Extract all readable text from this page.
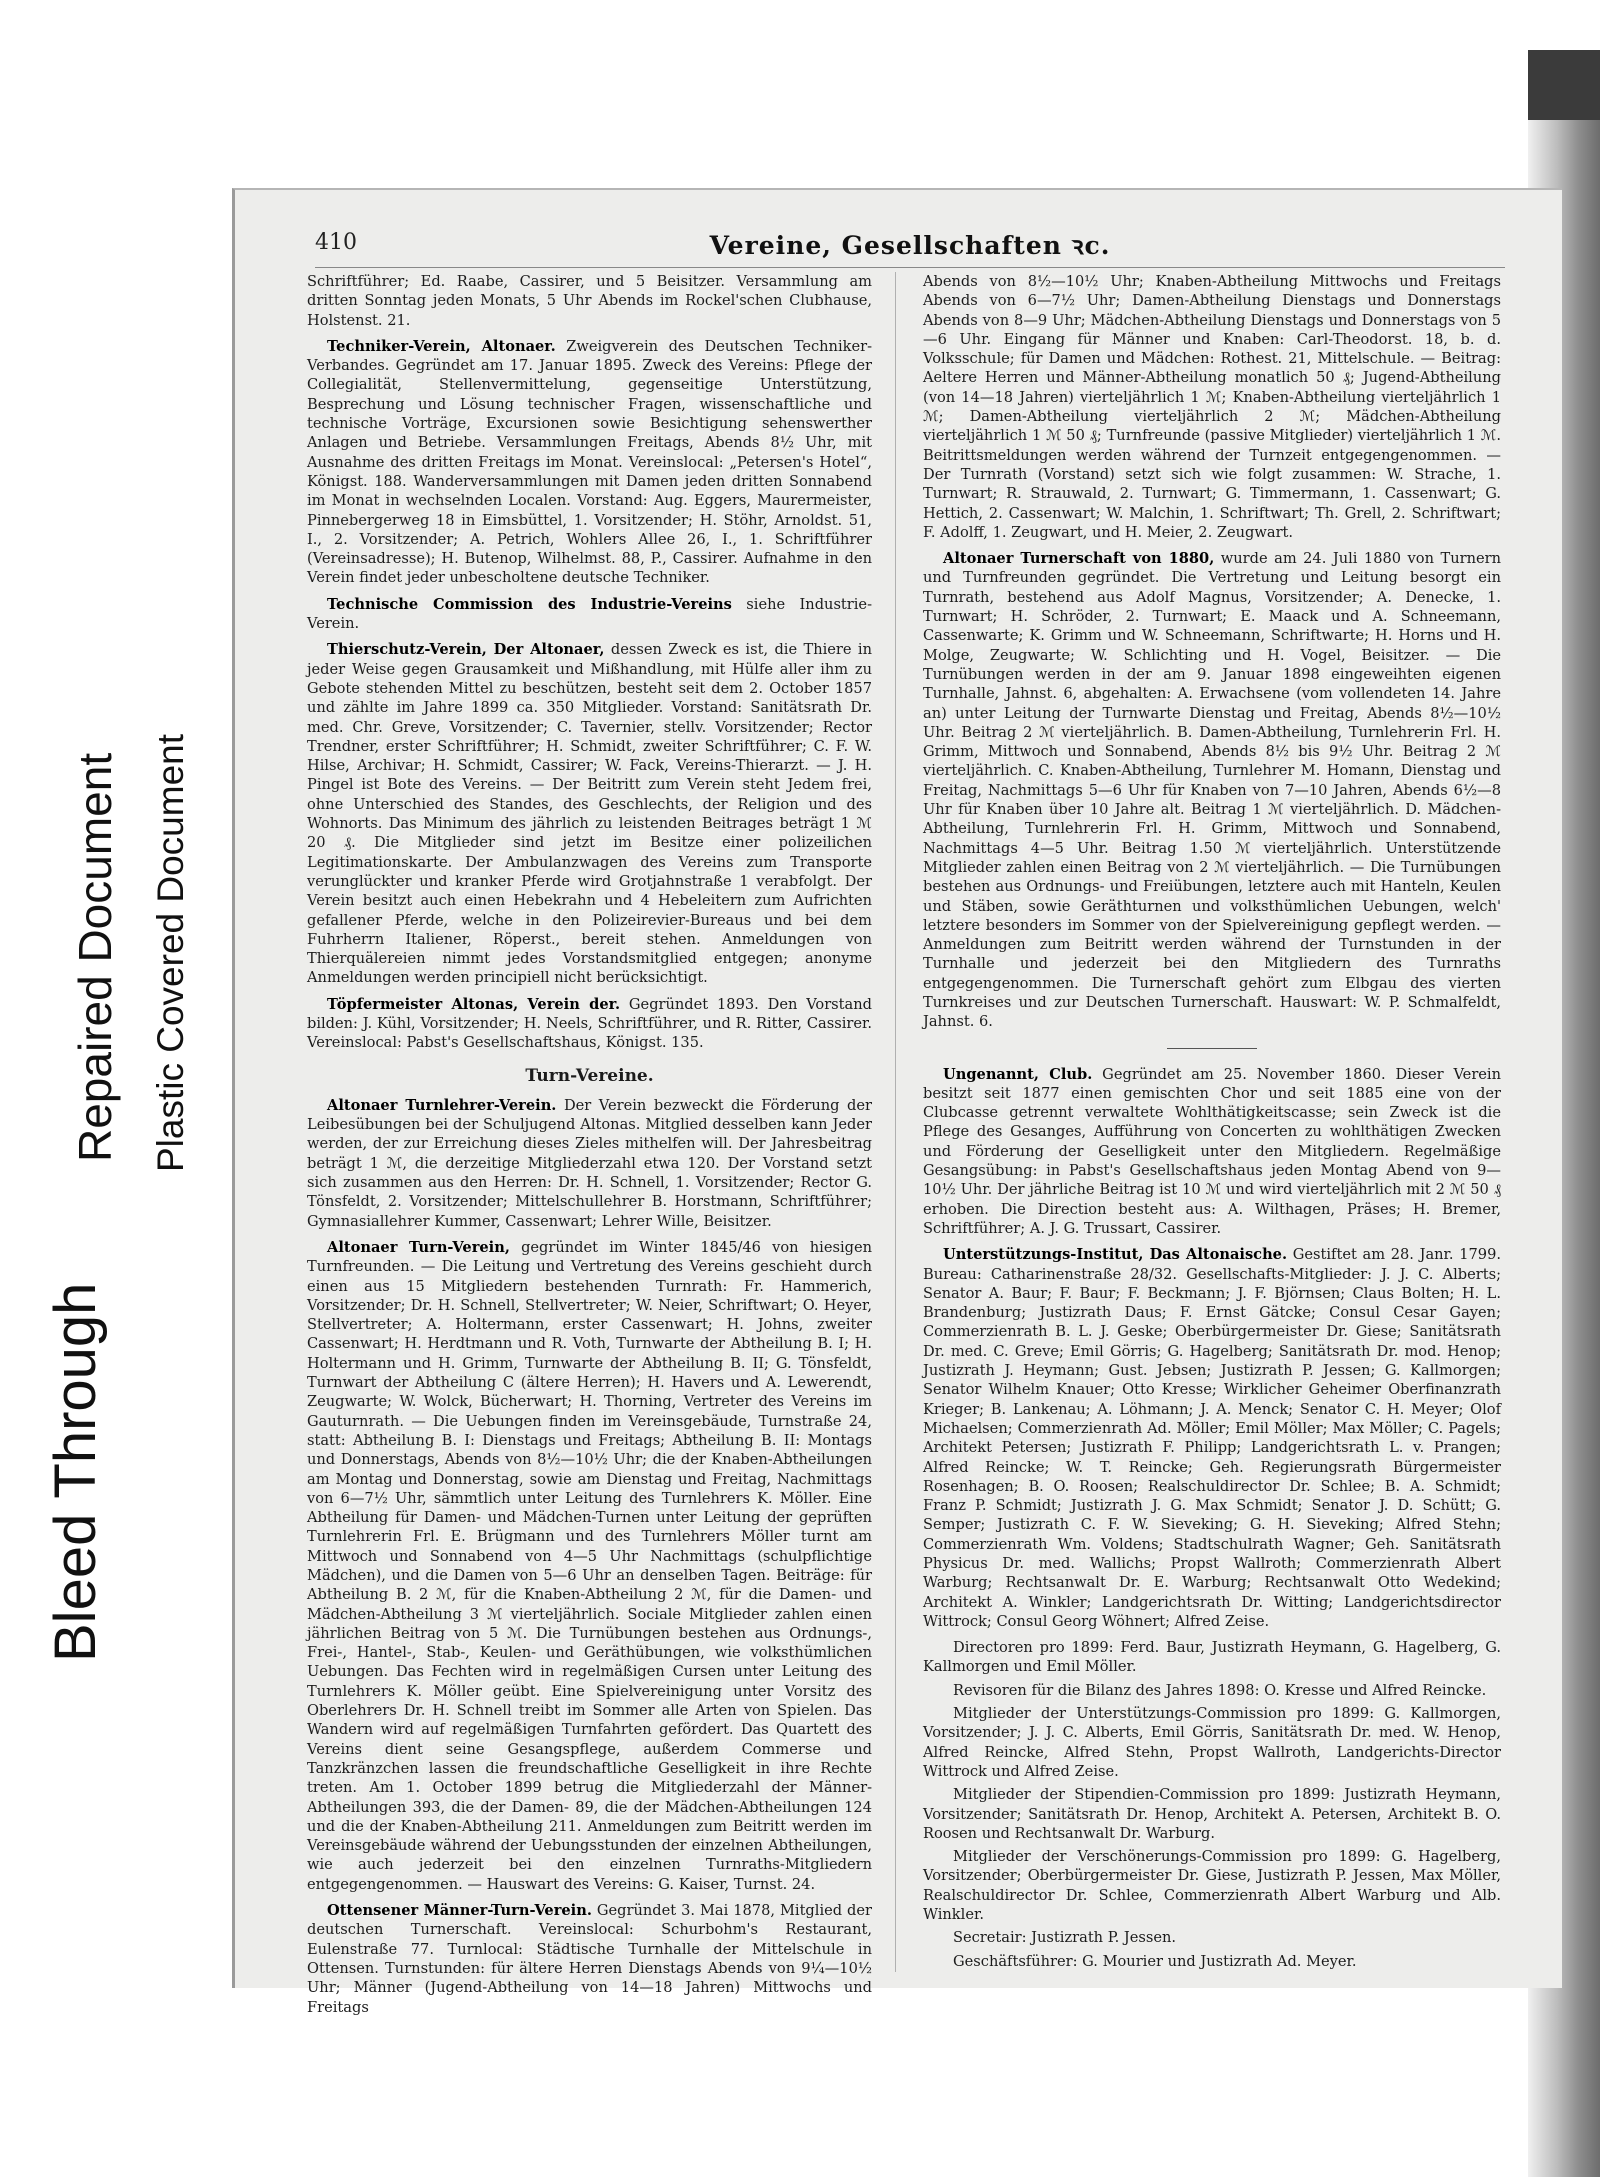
Bleed Through
Repaired Document Plastic Covered Document
410	Vereine, Gesellschaften ꝛc.

Schriftführer; Ed. Raabe, Cassirer, und 5 Beisitzer. Versammlung am dritten Sonntag jeden Monats, 5 Uhr Abends im Rockel'schen Clubhause, Holstenst. 21.

Techniker-Verein, Altonaer. Zweigverein des Deutschen Techniker-Verbandes. Gegründet am 17. Januar 1895. Zweck des Vereins: Pflege der Collegialität, Stellenvermittelung, gegenseitige Unterstützung, Besprechung und Lösung technischer Fragen, wissenschaftliche und technische Vorträge, Excursionen sowie Besichtigung sehenswerther Anlagen und Betriebe. Versammlungen Freitags, Abends 8½ Uhr, mit Ausnahme des dritten Freitags im Monat. Vereinslocal: „Petersen's Hotel“, Königst. 188. Wanderversammlungen mit Damen jeden dritten Sonnabend im Monat in wechselnden Localen. Vorstand: Aug. Eggers, Maurermeister, Pinnebergerweg 18 in Eimsbüttel, 1. Vorsitzender; H. Stöhr, Arnoldst. 51, I., 2. Vorsitzender; A. Petrich, Wohlers Allee 26, I., 1. Schriftführer (Vereinsadresse); H. Butenop, Wilhelmst. 88, P., Cassirer. Aufnahme in den Verein findet jeder unbescholtene deutsche Techniker.

Technische Commission des Industrie-Vereins siehe Industrie-Verein.

Thierschutz-Verein, Der Altonaer, dessen Zweck es ist, die Thiere in jeder Weise gegen Grausamkeit und Mißhandlung, mit Hülfe aller ihm zu Gebote stehenden Mittel zu beschützen, besteht seit dem 2. October 1857 und zählte im Jahre 1899 ca. 350 Mitglieder. Vorstand: Sanitätsrath Dr. med. Chr. Greve, Vorsitzender; C. Tavernier, stellv. Vorsitzender; Rector Trendner, erster Schriftführer; H. Schmidt, zweiter Schriftführer; C. F. W. Hilse, Archivar; H. Schmidt, Cassirer; W. Fack, Vereins-Thierarzt. — J. H. Pingel ist Bote des Vereins. — Der Beitritt zum Verein steht Jedem frei, ohne Unterschied des Standes, des Geschlechts, der Religion und des Wohnorts. Das Minimum des jährlich zu leistenden Beitrages beträgt 1 ℳ 20 ₰. Die Mitglieder sind jetzt im Besitze einer polizeilichen Legitimationskarte. Der Ambulanzwagen des Vereins zum Transporte verunglückter und kranker Pferde wird Grotjahnstraße 1 verabfolgt. Der Verein besitzt auch einen Hebekrahn und 4 Hebeleitern zum Aufrichten gefallener Pferde, welche in den Polizeirevier-Bureaus und bei dem Fuhrherrn Italiener, Röperst., bereit stehen. Anmeldungen von Thierquälereien nimmt jedes Vorstandsmitglied entgegen; anonyme Anmeldungen werden principiell nicht berücksichtigt.

Töpfermeister Altonas, Verein der. Gegründet 1893. Den Vorstand bilden: J. Kühl, Vorsitzender; H. Neels, Schriftführer, und R. Ritter, Cassirer. Vereinslocal: Pabst's Gesellschaftshaus, Königst. 135.

Turn-Vereine.

Altonaer Turnlehrer-Verein. Der Verein bezweckt die Förderung der Leibesübungen bei der Schuljugend Altonas. Mitglied desselben kann Jeder werden, der zur Erreichung dieses Zieles mithelfen will. Der Jahresbeitrag beträgt 1 ℳ, die derzeitige Mitgliederzahl etwa 120. Der Vorstand setzt sich zusammen aus den Herren: Dr. H. Schnell, 1. Vorsitzender; Rector G. Tönsfeldt, 2. Vorsitzender; Mittelschullehrer B. Horstmann, Schriftführer; Gymnasiallehrer Kummer, Cassenwart; Lehrer Wille, Beisitzer.

Altonaer Turn-Verein, gegründet im Winter 1845/46 von hiesigen Turnfreunden. — Die Leitung und Vertretung des Vereins geschieht durch einen aus 15 Mitgliedern bestehenden Turnrath: Fr. Hammerich, Vorsitzender; Dr. H. Schnell, Stellvertreter; W. Neier, Schriftwart; O. Heyer, Stellvertreter; A. Holtermann, erster Cassenwart; H. Johns, zweiter Cassenwart; H. Herdtmann und R. Voth, Turnwarte der Abtheilung B. I; H. Holtermann und H. Grimm, Turnwarte der Abtheilung B. II; G. Tönsfeldt, Turnwart der Abtheilung C (ältere Herren); H. Havers und A. Lewerendt, Zeugwarte; W. Wolck, Bücherwart; H. Thorning, Vertreter des Vereins im Gauturnrath. — Die Uebungen finden im Vereinsgebäude, Turnstraße 24, statt: Abtheilung B. I: Dienstags und Freitags; Abtheilung B. II: Montags und Donnerstags, Abends von 8½—10½ Uhr; die der Knaben-Abtheilungen am Montag und Donnerstag, sowie am Dienstag und Freitag, Nachmittags von 6—7½ Uhr, sämmtlich unter Leitung des Turnlehrers K. Möller. Eine Abtheilung für Damen- und Mädchen-Turnen unter Leitung der geprüften Turnlehrerin Frl. E. Brügmann und des Turnlehrers Möller turnt am Mittwoch und Sonnabend von 4—5 Uhr Nachmittags (schulpflichtige Mädchen), und die Damen von 5—6 Uhr an denselben Tagen. Beiträge: für Abtheilung B. 2 ℳ, für die Knaben-Abtheilung 2 ℳ, für die Damen- und Mädchen-Abtheilung 3 ℳ vierteljährlich. Sociale Mitglieder zahlen einen jährlichen Beitrag von 5 ℳ. Die Turnübungen bestehen aus Ordnungs-, Frei-, Hantel-, Stab-, Keulen- und Geräthübungen, wie volksthümlichen Uebungen. Das Fechten wird in regelmäßigen Cursen unter Leitung des Turnlehrers K. Möller geübt. Eine Spielvereinigung unter Vorsitz des Oberlehrers Dr. H. Schnell treibt im Sommer alle Arten von Spielen. Das Wandern wird auf regelmäßigen Turnfahrten gefördert. Das Quartett des Vereins dient seine Gesangspflege, außerdem Commerse und Tanzkränzchen lassen die freundschaftliche Geselligkeit in ihre Rechte treten. Am 1. October 1899 betrug die Mitgliederzahl der Männer-Abtheilungen 393, die der Damen- 89, die der Mädchen-Abtheilungen 124 und die der Knaben-Abtheilung 211. Anmeldungen zum Beitritt werden im Vereinsgebäude während der Uebungsstunden der einzelnen Abtheilungen, wie auch jederzeit bei den einzelnen Turnraths-Mitgliedern entgegengenommen. — Hauswart des Vereins: G. Kaiser, Turnst. 24.

Ottensener Männer-Turn-Verein. Gegründet 3. Mai 1878, Mitglied der deutschen Turnerschaft. Vereinslocal: Schurbohm's Restaurant, Eulenstraße 77. Turnlocal: Städtische Turnhalle der Mittelschule in Ottensen. Turnstunden: für ältere Herren Dienstags Abends von 9¼—10½ Uhr; Männer (Jugend-Abtheilung von 14—18 Jahren) Mittwochs und Freitags

Abends von 8½—10½ Uhr; Knaben-Abtheilung Mittwochs und Freitags Abends von 6—7½ Uhr; Damen-Abtheilung Dienstags und Donnerstags Abends von 8—9 Uhr; Mädchen-Abtheilung Dienstags und Donnerstags von 5—6 Uhr. Eingang für Männer und Knaben: Carl-Theodorst. 18, b. d. Volksschule; für Damen und Mädchen: Rothest. 21, Mittelschule. — Beitrag: Aeltere Herren und Männer-Abtheilung monatlich 50 ₰; Jugend-Abtheilung (von 14—18 Jahren) vierteljährlich 1 ℳ; Knaben-Abtheilung vierteljährlich 1 ℳ; Damen-Abtheilung vierteljährlich 2 ℳ; Mädchen-Abtheilung vierteljährlich 1 ℳ 50 ₰; Turnfreunde (passive Mitglieder) vierteljährlich 1 ℳ. Beitrittsmeldungen werden während der Turnzeit entgegengenommen. — Der Turnrath (Vorstand) setzt sich wie folgt zusammen: W. Strache, 1. Turnwart; R. Strauwald, 2. Turnwart; G. Timmermann, 1. Cassenwart; G. Hettich, 2. Cassenwart; W. Malchin, 1. Schriftwart; Th. Grell, 2. Schriftwart; F. Adolff, 1. Zeugwart, und H. Meier, 2. Zeugwart.

Altonaer Turnerschaft von 1880, wurde am 24. Juli 1880 von Turnern und Turnfreunden gegründet. Die Vertretung und Leitung besorgt ein Turnrath, bestehend aus Adolf Magnus, Vorsitzender; A. Denecke, 1. Turnwart; H. Schröder, 2. Turnwart; E. Maack und A. Schneemann, Cassenwarte; K. Grimm und W. Schneemann, Schriftwarte; H. Horns und H. Molge, Zeugwarte; W. Schlichting und H. Vogel, Beisitzer. — Die Turnübungen werden in der am 9. Januar 1898 eingeweihten eigenen Turnhalle, Jahnst. 6, abgehalten: A. Erwachsene (vom vollendeten 14. Jahre an) unter Leitung der Turnwarte Dienstag und Freitag, Abends 8½—10½ Uhr. Beitrag 2 ℳ vierteljährlich. B. Damen-Abtheilung, Turnlehrerin Frl. H. Grimm, Mittwoch und Sonnabend, Abends 8½ bis 9½ Uhr. Beitrag 2 ℳ vierteljährlich. C. Knaben-Abtheilung, Turnlehrer M. Homann, Dienstag und Freitag, Nachmittags 5—6 Uhr für Knaben von 7—10 Jahren, Abends 6½—8 Uhr für Knaben über 10 Jahre alt. Beitrag 1 ℳ vierteljährlich. D. Mädchen-Abtheilung, Turnlehrerin Frl. H. Grimm, Mittwoch und Sonnabend, Nachmittags 4—5 Uhr. Beitrag 1.50 ℳ vierteljährlich. Unterstützende Mitglieder zahlen einen Beitrag von 2 ℳ vierteljährlich. — Die Turnübungen bestehen aus Ordnungs- und Freiübungen, letztere auch mit Hanteln, Keulen und Stäben, sowie Geräthturnen und volksthümlichen Uebungen, welch' letztere besonders im Sommer von der Spielvereinigung gepflegt werden. — Anmeldungen zum Beitritt werden während der Turnstunden in der Turnhalle und jederzeit bei den Mitgliedern des Turnraths entgegengenommen. Die Turnerschaft gehört zum Elbgau des vierten Turnkreises und zur Deutschen Turnerschaft. Hauswart: W. P. Schmalfeldt, Jahnst. 6.

Ungenannt, Club. Gegründet am 25. November 1860. Dieser Verein besitzt seit 1877 einen gemischten Chor und seit 1885 eine von der Clubcasse getrennt verwaltete Wohlthätigkeitscasse; sein Zweck ist die Pflege des Gesanges, Aufführung von Concerten zu wohlthätigen Zwecken und Förderung der Geselligkeit unter den Mitgliedern. Regelmäßige Gesangsübung: in Pabst's Gesellschaftshaus jeden Montag Abend von 9—10½ Uhr. Der jährliche Beitrag ist 10 ℳ und wird vierteljährlich mit 2 ℳ 50 ₰ erhoben. Die Direction besteht aus: A. Wilthagen, Präses; H. Bremer, Schriftführer; A. J. G. Trussart, Cassirer.

Unterstützungs-Institut, Das Altonaische. Gestiftet am 28. Janr. 1799. Bureau: Catharinenstraße 28/32. Gesellschafts-Mitglieder: J. J. C. Alberts; Senator A. Baur; F. Baur; F. Beckmann; J. F. Björnsen; Claus Bolten; H. L. Brandenburg; Justizrath Daus; F. Ernst Gätcke; Consul Cesar Gayen; Commerzienrath B. L. J. Geske; Oberbürgermeister Dr. Giese; Sanitätsrath Dr. med. C. Greve; Emil Görris; G. Hagelberg; Sanitätsrath Dr. mod. Henop; Justizrath J. Heymann; Gust. Jebsen; Justizrath P. Jessen; G. Kallmorgen; Senator Wilhelm Knauer; Otto Kresse; Wirklicher Geheimer Oberfinanzrath Krieger; B. Lankenau; A. Löhmann; J. A. Menck; Senator C. H. Meyer; Olof Michaelsen; Commerzienrath Ad. Möller; Emil Möller; Max Möller; C. Pagels; Architekt Petersen; Justizrath F. Philipp; Landgerichtsrath L. v. Prangen; Alfred Reincke; W. T. Reincke; Geh. Regierungsrath Bürgermeister Rosenhagen; B. O. Roosen; Realschuldirector Dr. Schlee; B. A. Schmidt; Franz P. Schmidt; Justizrath J. G. Max Schmidt; Senator J. D. Schütt; G. Semper; Justizrath C. F. W. Sieveking; G. H. Sieveking; Alfred Stehn; Commerzienrath Wm. Voldens; Stadtschulrath Wagner; Geh. Sanitätsrath Physicus Dr. med. Wallichs; Propst Wallroth; Commerzienrath Albert Warburg; Rechtsanwalt Dr. E. Warburg; Rechtsanwalt Otto Wedekind; Architekt A. Winkler; Landgerichtsrath Dr. Witting; Landgerichtsdirector Wittrock; Consul Georg Wöhnert; Alfred Zeise.

Directoren pro 1899: Ferd. Baur, Justizrath Heymann, G. Hagelberg, G. Kallmorgen und Emil Möller.

Revisoren für die Bilanz des Jahres 1898: O. Kresse und Alfred Reincke.

Mitglieder der Unterstützungs-Commission pro 1899: G. Kallmorgen, Vorsitzender; J. J. C. Alberts, Emil Görris, Sanitätsrath Dr. med. W. Henop, Alfred Reincke, Alfred Stehn, Propst Wallroth, Landgerichts-Director Wittrock und Alfred Zeise.

Mitglieder der Stipendien-Commission pro 1899: Justizrath Heymann, Vorsitzender; Sanitätsrath Dr. Henop, Architekt A. Petersen, Architekt B. O. Roosen und Rechtsanwalt Dr. Warburg.

Mitglieder der Verschönerungs-Commission pro 1899: G. Hagelberg, Vorsitzender; Oberbürgermeister Dr. Giese, Justizrath P. Jessen, Max Möller, Realschuldirector Dr. Schlee, Commerzienrath Albert Warburg und Alb. Winkler.

Secretair: Justizrath P. Jessen.

Geschäftsführer: G. Mourier und Justizrath Ad. Meyer.
